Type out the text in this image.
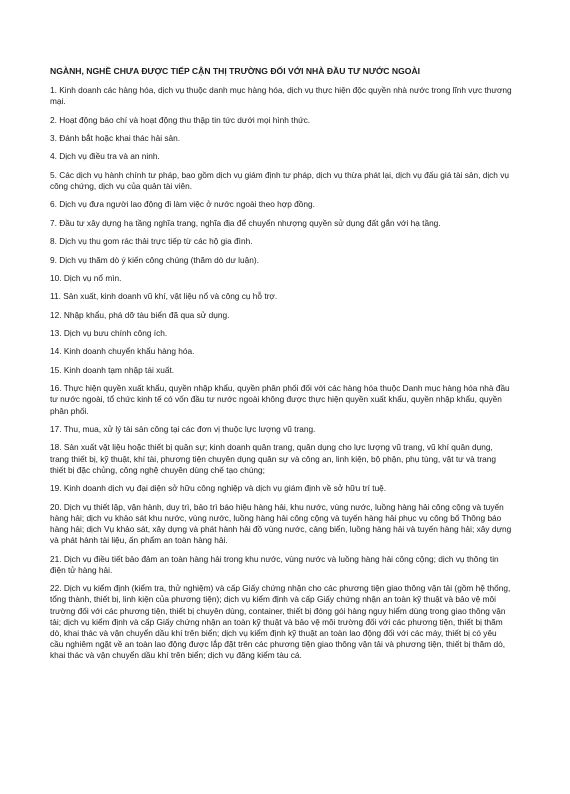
NGÀNH, NGHỀ CHƯA ĐƯỢC TIẾP CẬN THỊ TRƯỜNG ĐỐI VỚI NHÀ ĐẦU TƯ NƯỚC NGOÀI
1. Kinh doanh các hàng hóa, dịch vụ thuộc danh mục hàng hóa, dịch vụ thực hiện độc quyền nhà nước trong lĩnh vực thương mại.
2. Hoạt động báo chí và hoạt động thu thập tin tức dưới mọi hình thức.
3. Đánh bắt hoặc khai thác hải sản.
4. Dịch vụ điều tra và an ninh.
5. Các dịch vụ hành chính tư pháp, bao gồm dịch vụ giám định tư pháp, dịch vụ thừa phát lại, dịch vụ đấu giá tài sản, dịch vụ công chứng, dịch vụ của quản tài viên.
6. Dịch vụ đưa người lao động đi làm việc ở nước ngoài theo hợp đồng.
7. Đầu tư xây dựng hạ tầng nghĩa trang, nghĩa địa để chuyển nhượng quyền sử dụng đất gắn với hạ tầng.
8. Dịch vụ thu gom rác thải trực tiếp từ các hộ gia đình.
9. Dịch vụ thăm dò ý kiến công chúng (thăm dò dư luận).
10. Dịch vụ nổ mìn.
11. Sản xuất, kinh doanh vũ khí, vật liệu nổ và công cụ hỗ trợ.
12. Nhập khẩu, phá dỡ tàu biển đã qua sử dụng.
13. Dịch vụ bưu chính công ích.
14. Kinh doanh chuyển khẩu hàng hóa.
15. Kinh doanh tạm nhập tái xuất.
16. Thực hiện quyền xuất khẩu, quyền nhập khẩu, quyền phân phối đối với các hàng hóa thuộc Danh mục hàng hóa nhà đầu tư nước ngoài, tổ chức kinh tế có vốn đầu tư nước ngoài không được thực hiện quyền xuất khẩu, quyền nhập khẩu, quyền phân phối.
17. Thu, mua, xử lý tài sản công tại các đơn vị thuộc lực lượng vũ trang.
18. Sản xuất vật liệu hoặc thiết bị quân sự; kinh doanh quân trang, quân dụng cho lực lượng vũ trang, vũ khí quân dụng, trang thiết bị, kỹ thuật, khí tài, phương tiện chuyên dụng quân sự và công an, linh kiện, bộ phận, phụ tùng, vật tư và trang thiết bị đặc chủng, công nghệ chuyên dùng chế tạo chúng;
19. Kinh doanh dịch vụ đại diện sở hữu công nghiệp và dịch vụ giám định về sở hữu trí tuệ.
20. Dịch vụ thiết lập, vận hành, duy trì, bảo trì báo hiệu hàng hải, khu nước, vùng nước, luồng hàng hải công cộng và tuyến hàng hải; dịch vụ khảo sát khu nước, vùng nước, luồng hàng hải công cộng và tuyến hàng hải phục vụ công bố Thông báo hàng hải; dịch Vụ khảo sát, xây dựng và phát hành hải đồ vùng nước, cảng biển, luồng hàng hải và tuyến hàng hải; xây dựng và phát hành tài liệu, ấn phẩm an toàn hàng hải.
21. Dịch vụ điều tiết bảo đảm an toàn hàng hải trong khu nước, vùng nước và luồng hàng hải công cộng; dịch vụ thông tin điện tử hàng hải.
22. Dịch vụ kiểm định (kiểm tra, thử nghiệm) và cấp Giấy chứng nhận cho các phương tiện giao thông vận tải (gồm hệ thống, tổng thành, thiết bị, linh kiện của phương tiện); dịch vụ kiểm định và cấp Giấy chứng nhận an toàn kỹ thuật và bảo vệ môi trường đối với các phương tiện, thiết bị chuyên dùng, container, thiết bị đóng gói hàng nguy hiểm dùng trong giao thông vận tải; dịch vụ kiểm định và cấp Giấy chứng nhận an toàn kỹ thuật và bảo vệ môi trường đối với các phương tiện, thiết bị thăm dò, khai thác và vận chuyển dầu khí trên biển; dịch vụ kiểm định kỹ thuật an toàn lao động đối với các máy, thiết bị có yêu cầu nghiêm ngặt về an toàn lao động được lắp đặt trên các phương tiện giao thông vận tải và phương tiện, thiết bị thăm dò, khai thác và vận chuyển dầu khí trên biển; dịch vụ đăng kiểm tàu cá.
